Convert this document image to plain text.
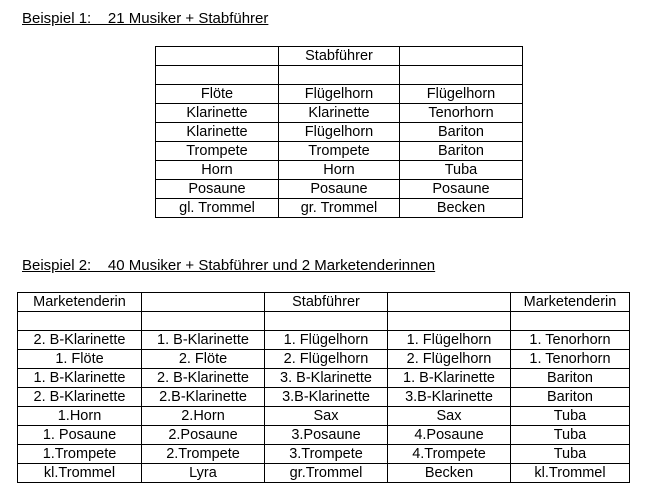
Beispiel 1:    21 Musiker + Stabführer
	Stabführer	

Flöte	Flügelhorn	Flügelhorn
Klarinette	Klarinette	Tenorhorn
Klarinette	Flügelhorn	Bariton
Trompete	Trompete	Bariton
Horn	Horn	Tuba
Posaune	Posaune	Posaune
gl. Trommel	gr. Trommel	Becken
Beispiel 2:    40 Musiker + Stabführer und 2 Marketenderinnen
Marketenderin		Stabführer		Marketenderin

2. B-Klarinette	1. B-Klarinette	1. Flügelhorn	1. Flügelhorn	1. Tenorhorn
1. Flöte	2. Flöte	2. Flügelhorn	2. Flügelhorn	1. Tenorhorn
1. B-Klarinette	2. B-Klarinette	3. B-Klarinette	1. B-Klarinette	Bariton
2. B-Klarinette	2.B-Klarinette	3.B-Klarinette	3.B-Klarinette	Bariton
1.Horn	2.Horn	Sax	Sax	Tuba
1. Posaune	2.Posaune	3.Posaune	4.Posaune	Tuba
1.Trompete	2.Trompete	3.Trompete	4.Trompete	Tuba
kl.Trommel	Lyra	gr.Trommel	Becken	kl.Trommel
